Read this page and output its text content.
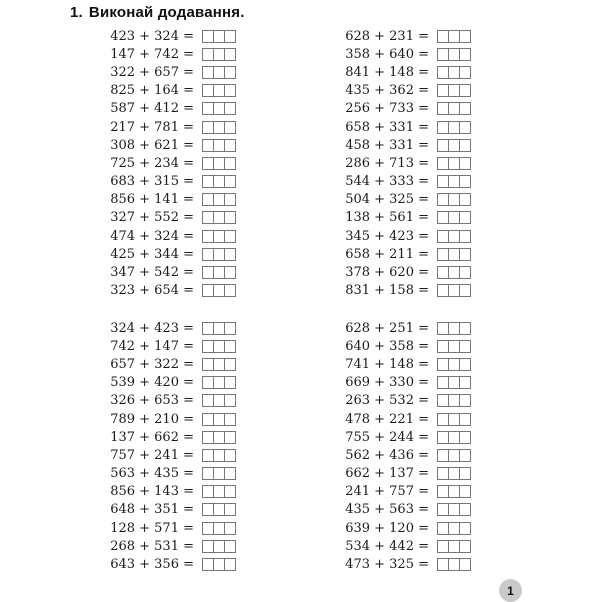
1. Виконай додавання.
423 + 324 =
147 + 742 =
322 + 657 =
825 + 164 =
587 + 412 =
217 + 781 =
308 + 621 =
725 + 234 =
683 + 315 =
856 + 141 =
327 + 552 =
474 + 324 =
425 + 344 =
347 + 542 =
323 + 654 =
628 + 231 =
358 + 640 =
841 + 148 =
435 + 362 =
256 + 733 =
658 + 331 =
458 + 331 =
286 + 713 =
544 + 333 =
504 + 325 =
138 + 561 =
345 + 423 =
658 + 211 =
378 + 620 =
831 + 158 =
324 + 423 =
742 + 147 =
657 + 322 =
539 + 420 =
326 + 653 =
789 + 210 =
137 + 662 =
757 + 241 =
563 + 435 =
856 + 143 =
648 + 351 =
128 + 571 =
268 + 531 =
643 + 356 =
628 + 251 =
640 + 358 =
741 + 148 =
669 + 330 =
263 + 532 =
478 + 221 =
755 + 244 =
562 + 436 =
662 + 137 =
241 + 757 =
435 + 563 =
639 + 120 =
534 + 442 =
473 + 325 =
1
